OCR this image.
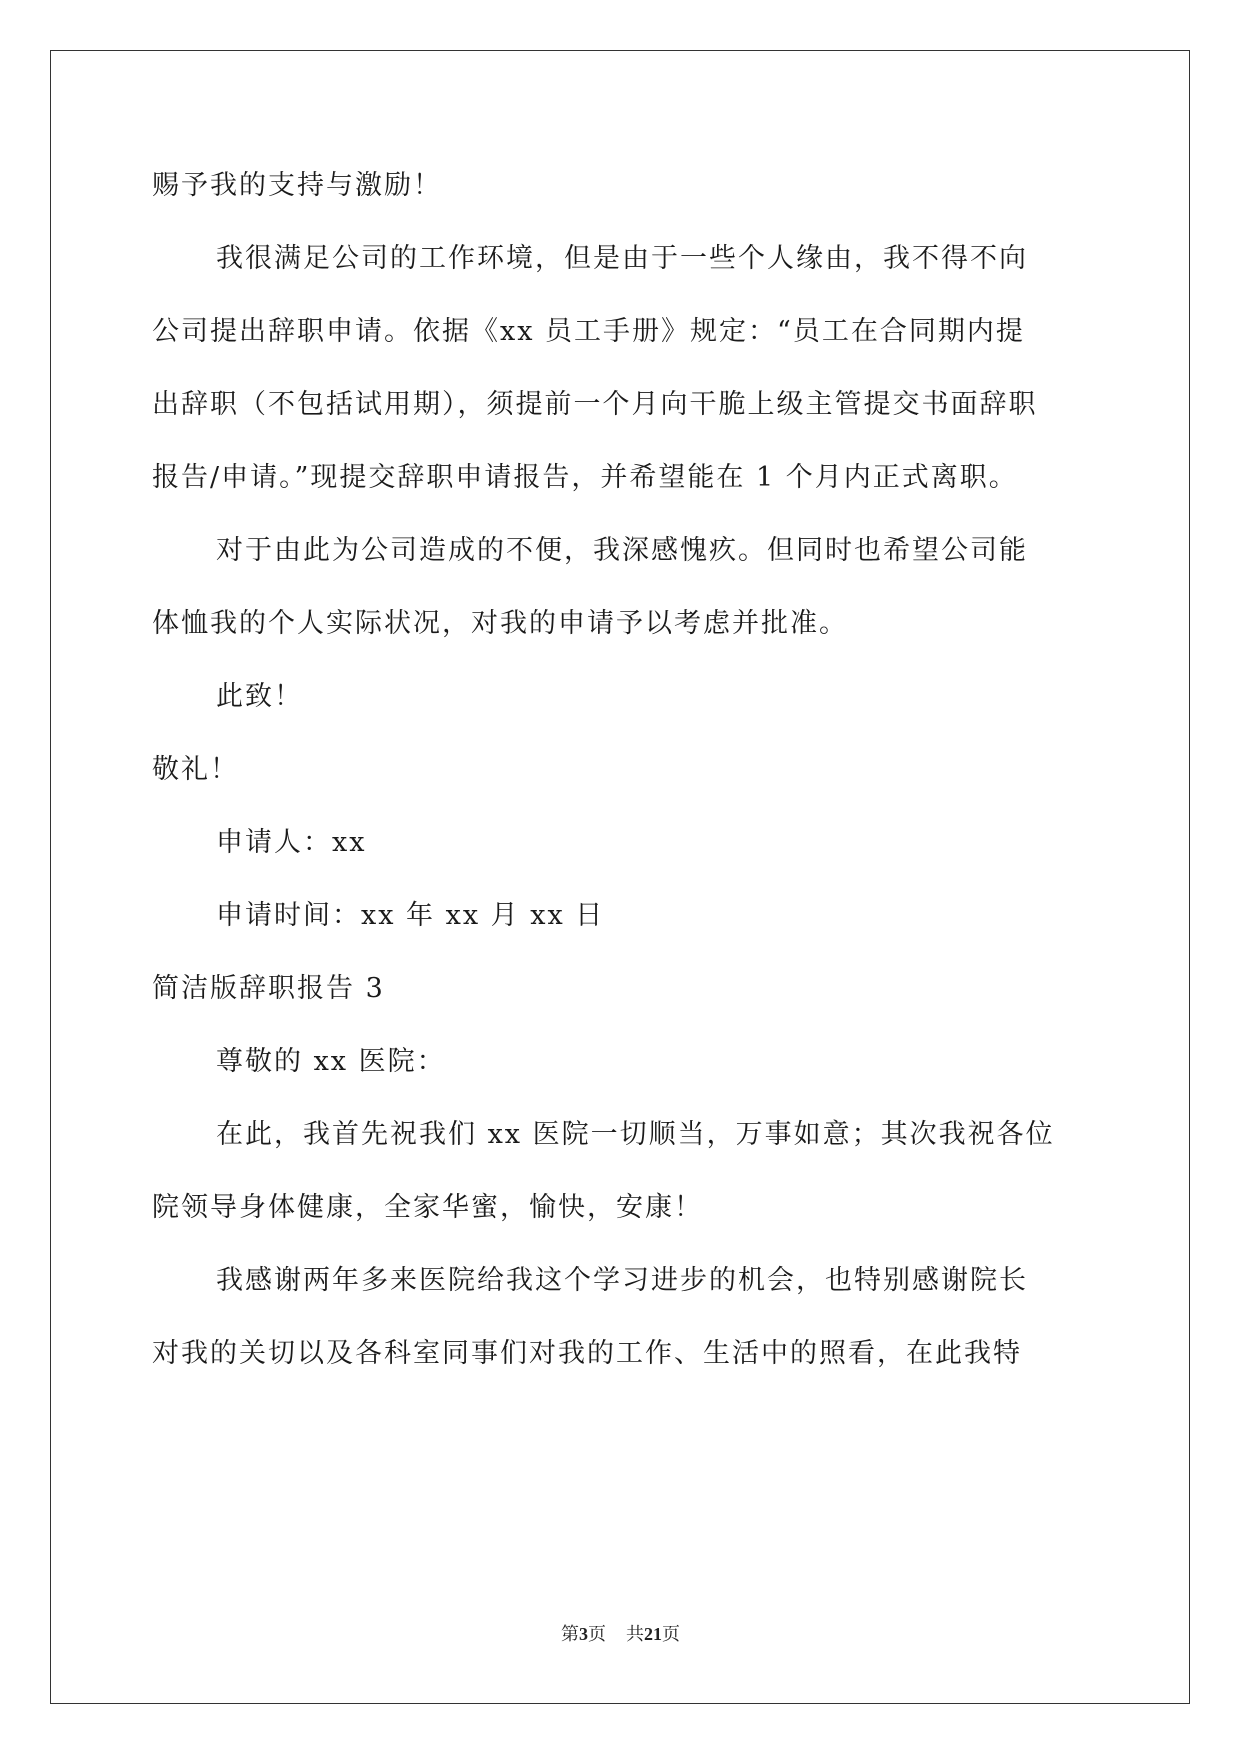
赐予我的支持与激励！
我很满足公司的工作环境，但是由于一些个人缘由，我不得不向
公司提出辞职申请。依据《xx 员工手册》规定：“员工在合同期内提
出辞职（不包括试用期），须提前一个月向干脆上级主管提交书面辞职
报告/申请。”现提交辞职申请报告，并希望能在 1 个月内正式离职。
对于由此为公司造成的不便，我深感愧疚。但同时也希望公司能
体恤我的个人实际状况，对我的申请予以考虑并批准。
此致！
敬礼！
申请人：xx
申请时间：xx 年 xx 月 xx 日
简洁版辞职报告 3
尊敬的 xx 医院：
在此，我首先祝我们 xx 医院一切顺当，万事如意；其次我祝各位
院领导身体健康，全家华蜜，愉快，安康！
我感谢两年多来医院给我这个学习进步的机会，也特别感谢院长
对我的关切以及各科室同事们对我的工作、生活中的照看，在此我特
第3页 共21页
